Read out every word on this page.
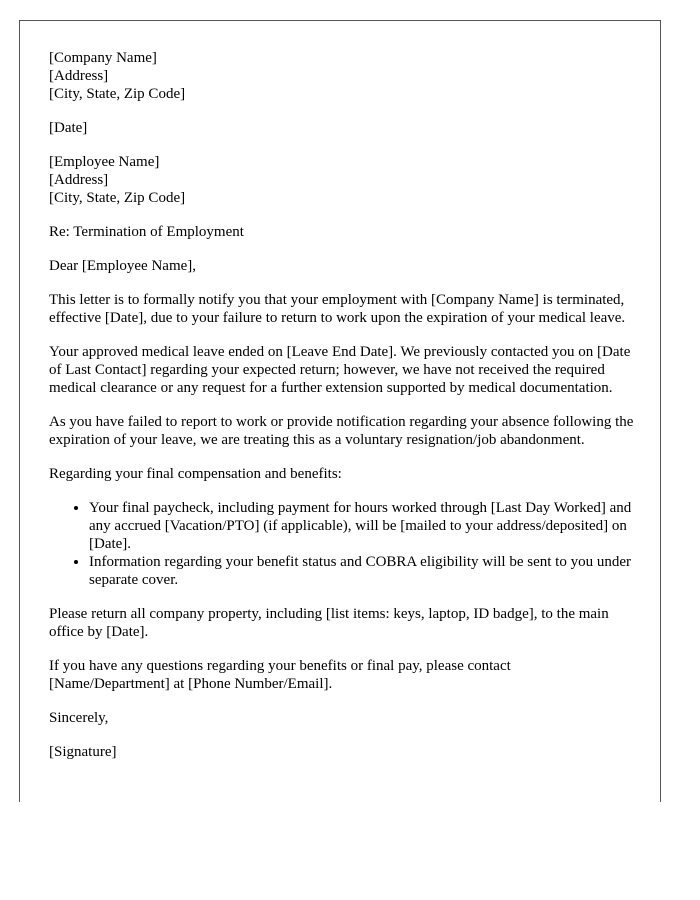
[Company Name]
[Address]
[City, State, Zip Code]

[Date]

[Employee Name]
[Address]
[City, State, Zip Code]

Re: Termination of Employment

Dear [Employee Name],

This letter is to formally notify you that your employment with [Company Name] is terminated, effective [Date], due to your failure to return to work upon the expiration of your medical leave.

Your approved medical leave ended on [Leave End Date]. We previously contacted you on [Date of Last Contact] regarding your expected return; however, we have not received the required medical clearance or any request for a further extension supported by medical documentation.

As you have failed to report to work or provide notification regarding your absence following the expiration of your leave, we are treating this as a voluntary resignation/job abandonment.

Regarding your final compensation and benefits:

• Your final paycheck, including payment for hours worked through [Last Day Worked] and any accrued [Vacation/PTO] (if applicable), will be [mailed to your address/deposited] on [Date].
• Information regarding your benefit status and COBRA eligibility will be sent to you under separate cover.

Please return all company property, including [list items: keys, laptop, ID badge], to the main office by [Date].

If you have any questions regarding your benefits or final pay, please contact [Name/Department] at [Phone Number/Email].

Sincerely,

[Signature]
